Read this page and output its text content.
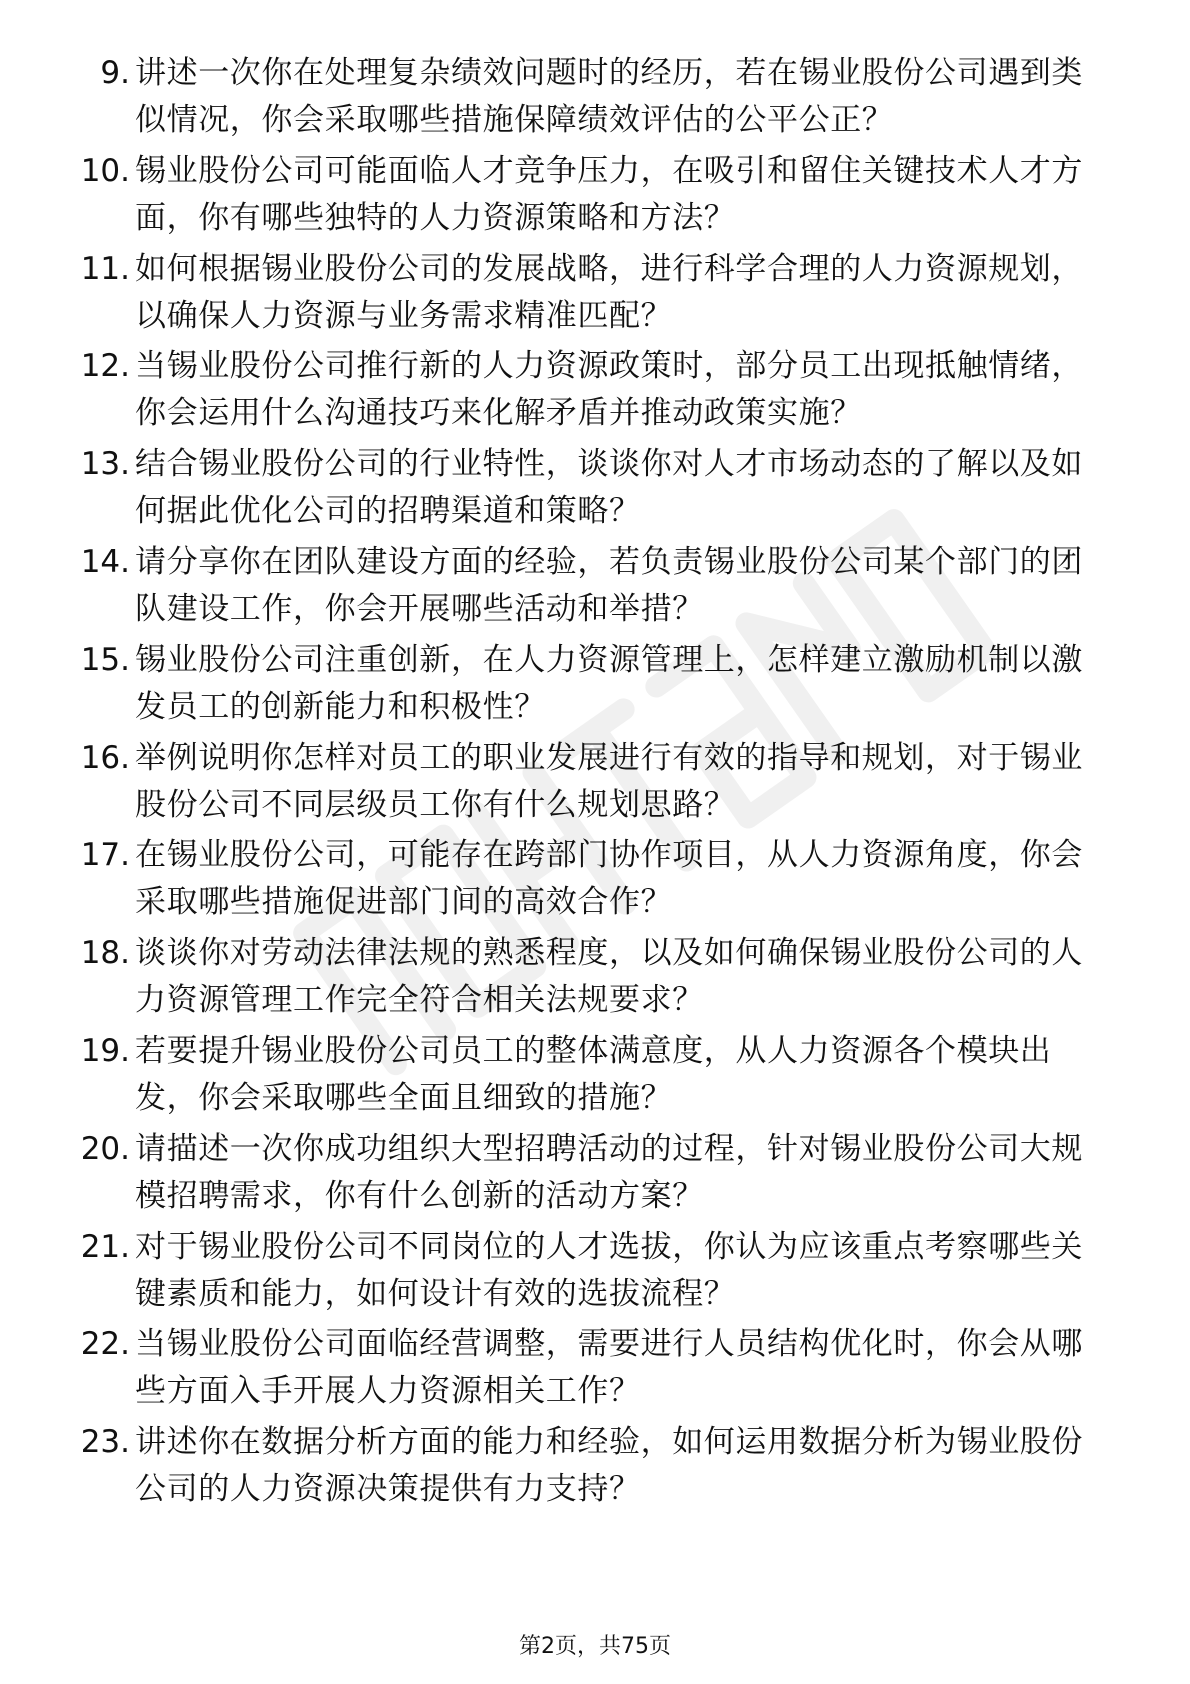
9. 讲述一次你在处理复杂绩效问题时的经历，若在锡业股份公司遇到类似情况，你会采取哪些措施保障绩效评估的公平公正？
10. 锡业股份公司可能面临人才竞争压力，在吸引和留住关键技术人才方面，你有哪些独特的人力资源策略和方法？
11. 如何根据锡业股份公司的发展战略，进行科学合理的人力资源规划，以确保人力资源与业务需求精准匹配？
12. 当锡业股份公司推行新的人力资源政策时，部分员工出现抵触情绪，你会运用什么沟通技巧来化解矛盾并推动政策实施？
13. 结合锡业股份公司的行业特性，谈谈你对人才市场动态的了解以及如何据此优化公司的招聘渠道和策略？
14. 请分享你在团队建设方面的经验，若负责锡业股份公司某个部门的团队建设工作，你会开展哪些活动和举措？
15. 锡业股份公司注重创新，在人力资源管理上，怎样建立激励机制以激发员工的创新能力和积极性？
16. 举例说明你怎样对员工的职业发展进行有效的指导和规划，对于锡业股份公司不同层级员工你有什么规划思路？
17. 在锡业股份公司，可能存在跨部门协作项目，从人力资源角度，你会采取哪些措施促进部门间的高效合作？
18. 谈谈你对劳动法律法规的熟悉程度，以及如何确保锡业股份公司的人力资源管理工作完全符合相关法规要求？
19. 若要提升锡业股份公司员工的整体满意度，从人力资源各个模块出发，你会采取哪些全面且细致的措施？
20. 请描述一次你成功组织大型招聘活动的过程，针对锡业股份公司大规模招聘需求，你有什么创新的活动方案？
21. 对于锡业股份公司不同岗位的人才选拔，你认为应该重点考察哪些关键素质和能力，如何设计有效的选拔流程？
22. 当锡业股份公司面临经营调整，需要进行人员结构优化时，你会从哪些方面入手开展人力资源相关工作？
23. 讲述你在数据分析方面的能力和经验，如何运用数据分析为锡业股份公司的人力资源决策提供有力支持？
第2页，共75页
